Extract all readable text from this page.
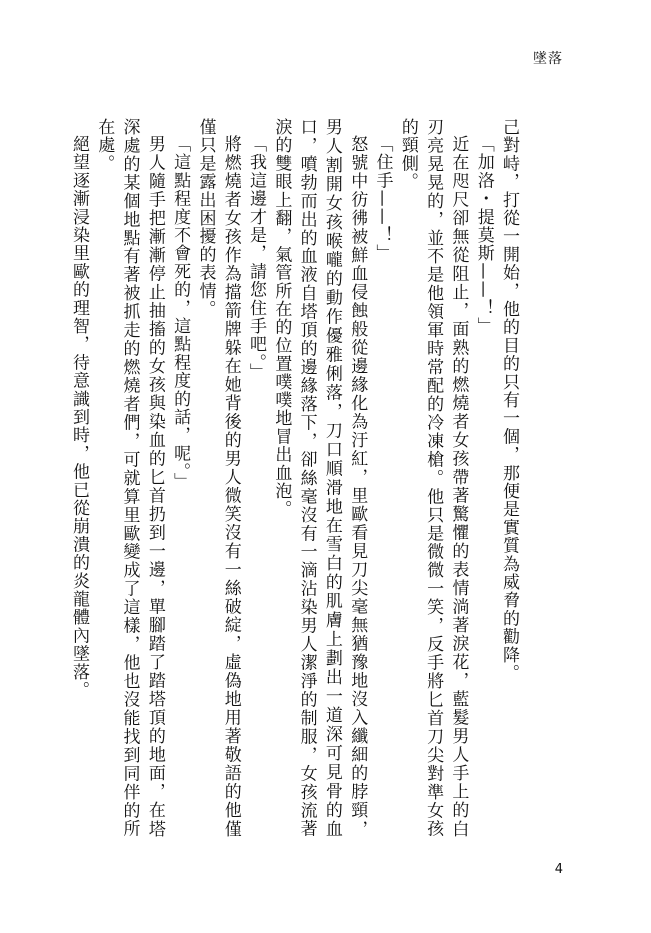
墜落

己對峙，打從一開始，他的目的只有一個，那便是實質為威脅的勸降。

「加洛・提莫斯——！」

近在咫尺卻無從阻止，面熟的燃燒者女孩帶著驚懼的表情淌著淚花，藍髮男人手上的白刃亮晃晃的，並不是他領軍時常配的冷凍槍。他只是微微一笑，反手將匕首刀尖對準女孩的頸側。

「住手——！」

怒號中彷彿被鮮血侵蝕般從邊緣化為汙紅，里歐看見刀尖毫無猶豫地沒入纖細的脖頸，男人割開女孩喉嚨的動作優雅俐落，刀口順滑地在雪白的肌膚上劃出一道深可見骨的血口，噴勃而出的血液自塔頂的邊緣落下，卻絲毫沒有一滴沾染男人潔淨的制服，女孩流著淚的雙眼上翻，氣管所在的位置噗噗地冒出血泡。

「我這邊才是，請您住手吧。」

將燃燒者女孩作為擋箭牌躲在她背後的男人微笑沒有一絲破綻，虛偽地用著敬語的他僅僅只是露出困擾的表情。

「這點程度不會死的，這點程度的話，呢。」

男人隨手把漸漸停止抽搐的女孩與染血的匕首扔到一邊，單腳踏了踏塔頂的地面，在塔深處的某個地點有著被抓走的燃燒者們，可就算里歐變成了這樣，他也沒能找到同伴的所在處。

絕望逐漸浸染里歐的理智，待意識到時，他已從崩潰的炎龍體內墜落。

4
